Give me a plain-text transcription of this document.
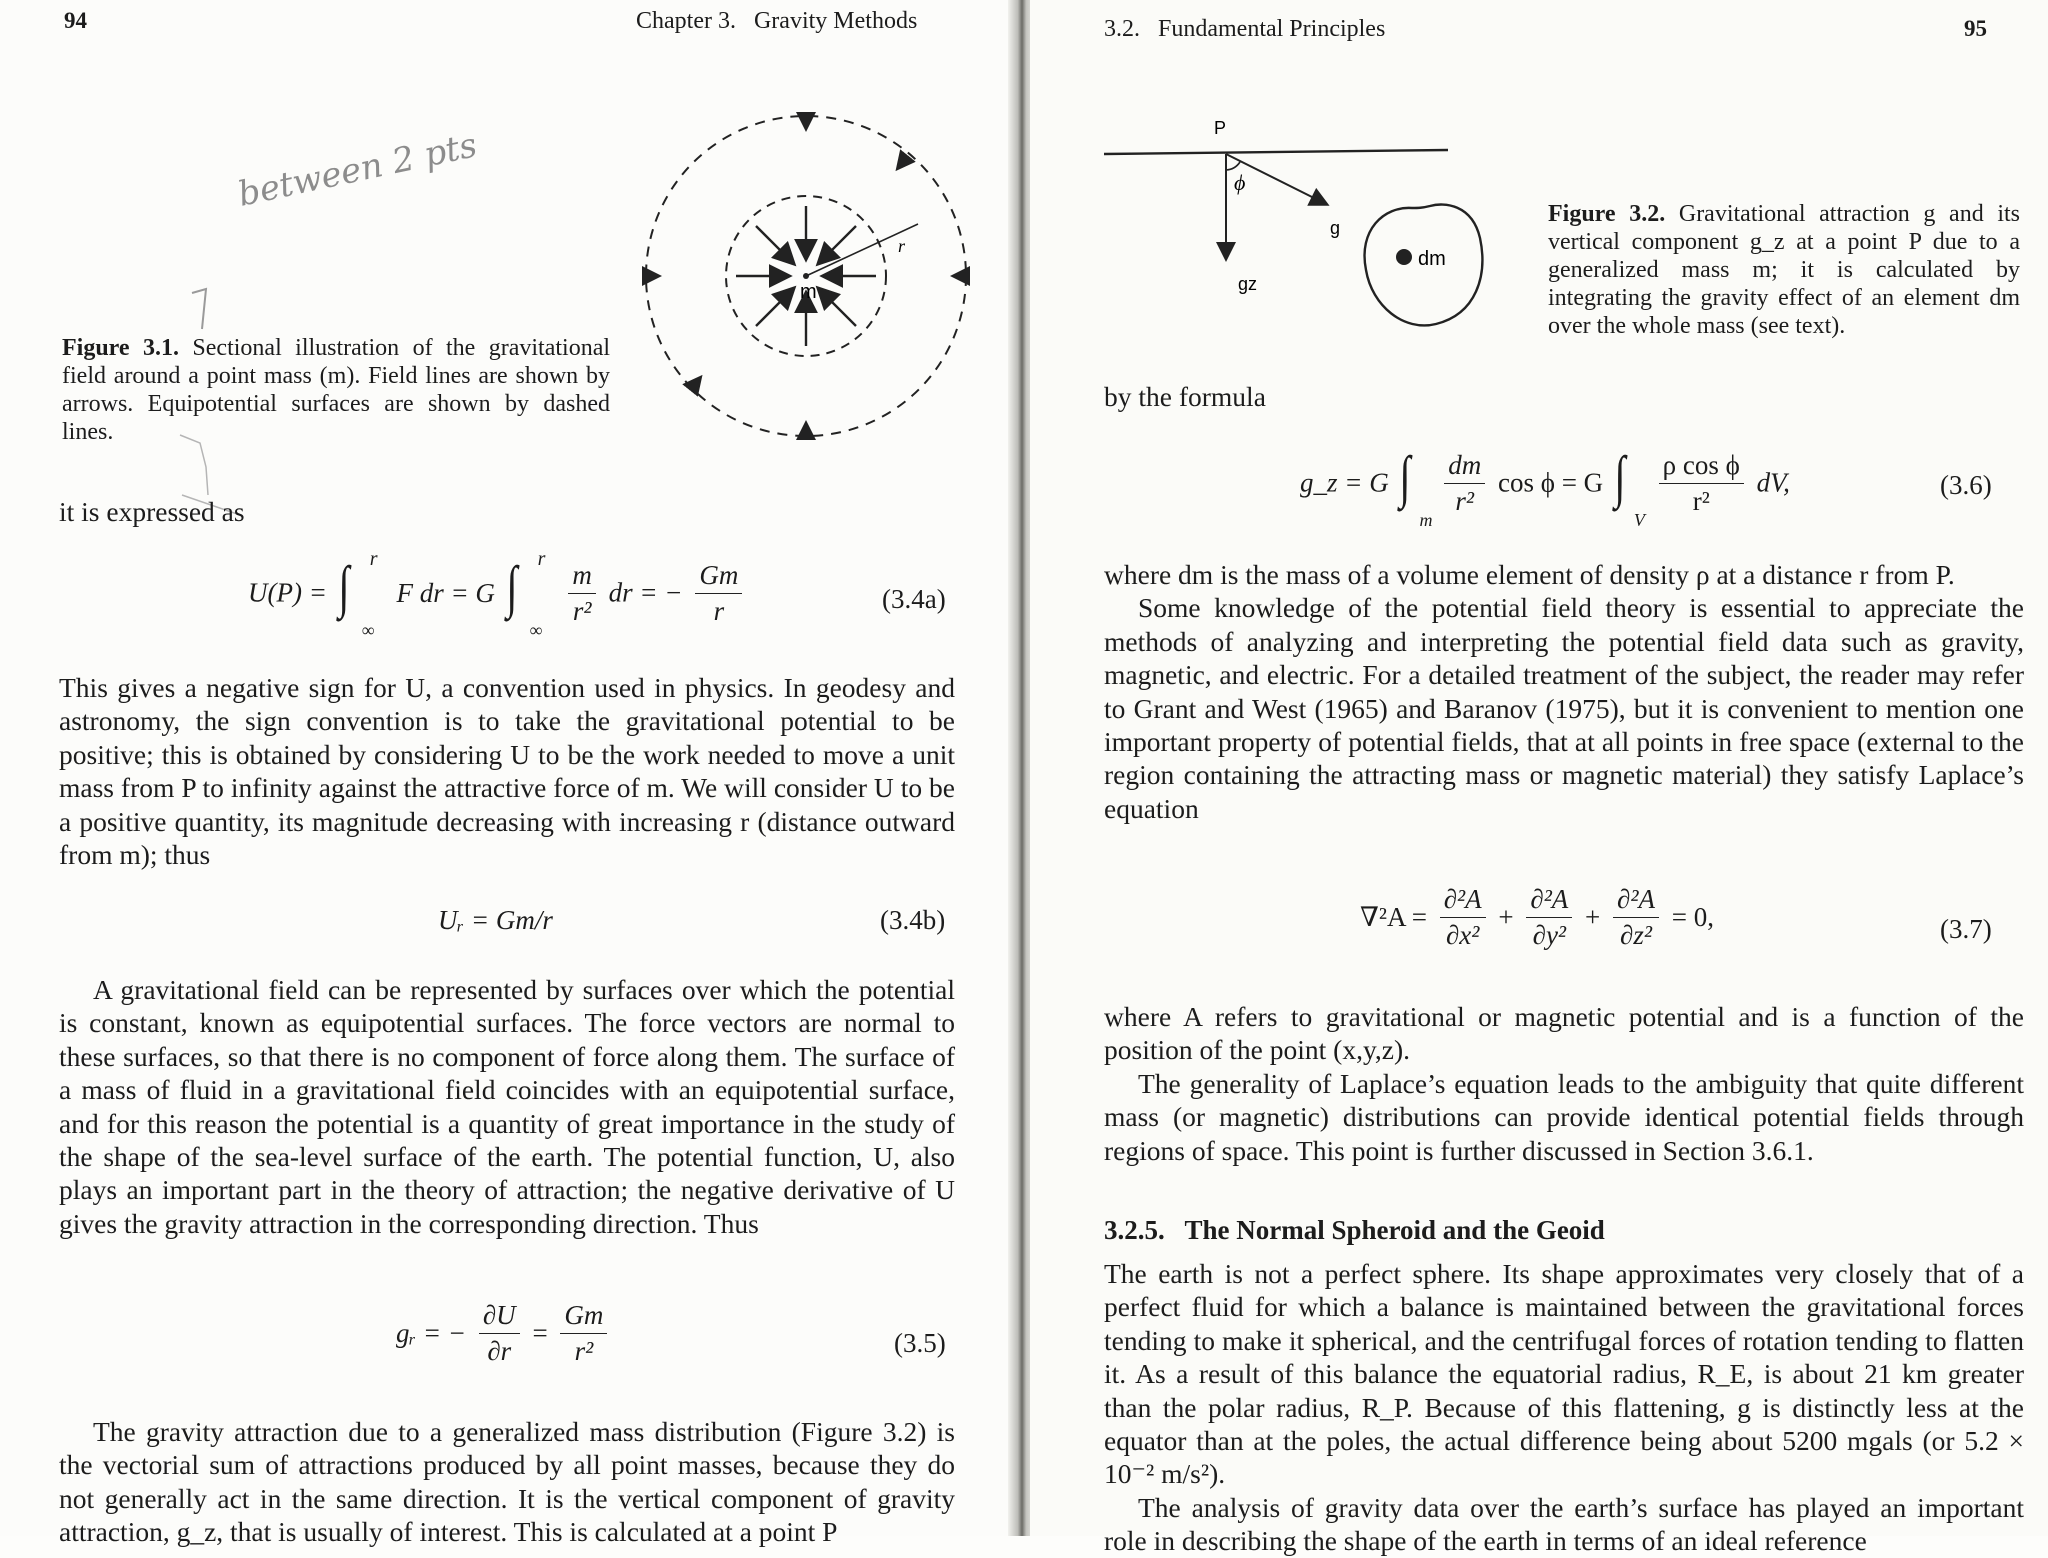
94	Chapter 3.   Gravity Methods
between 2 pts
m
r
Figure 3.1. Sectional illustration of the gravitational field around a point mass (m). Field lines are shown by arrows. Equipotential surfaces are shown by dashed lines.
it is expressed as
U(P) = ∫ r
∞
F dr = G ∫ r
∞

$\frac{m}{\text{r²}}$ dr = − $\frac{Gm}{r}$	(3.4a)

This gives a negative sign for U, a convention used in physics. In geodesy and astronomy, the sign convention is to take the gravitational potential to be positive; this is obtained by considering U to be the work needed to move a unit mass from P to infinity against the attractive force of m. We will consider U to be a positive quantity, its magnitude decreasing with increasing r (distance outward from m); thus

Uᵣ = Gm/r	(3.4b)

A gravitational field can be represented by surfaces over which the potential is constant, known as equipotential surfaces. The force vectors are normal to these surfaces, so that there is no component of force along them. The surface of a mass of fluid in a gravitational field coincides with an equipotential surface, and for this reason the potential is a quantity of great importance in the study of the shape of the sea-level surface of the earth. The potential function, U, also plays an important part in the theory of attraction; the negative derivative of U gives the gravity attraction in the corresponding direction. Thus

gᵣ = − $\frac{\partial U}{\partial r} = \frac{Gm}{\text{r²}}$	(3.5)

The gravity attraction due to a generalized mass distribution (Figure 3.2) is the vectorial sum of attractions produced by all point masses, because they do not generally act in the same direction. It is the vertical component of gravity attraction, g_z, that is usually of interest. This is calculated at a point P

3.2.   Fundamental Principles	95
P
ϕ
g
gz
dm
Figure 3.2. Gravitational attraction g and its vertical component g_z at a point P due to a generalized mass m; it is calculated by integrating the gravity effect of an element dm over the whole mass (see text).
by the formula
g_z = G ∫
m

$\frac{dm}{\text{r²}}$ cos ϕ = G ∫
V

$\frac{\text{ρ cos ϕ}}{\text{r²}}$ dV,	(3.6)

where dm is the mass of a volume element of density ρ at a distance r from P.

Some knowledge of the potential field theory is essential to appreciate the methods of analyzing and interpreting the potential field data such as gravity, magnetic, and electric. For a detailed treatment of the subject, the reader may refer to Grant and West (1965) and Baranov (1975), but it is convenient to mention one important property of potential fields, that at all points in free space (external to the region containing the attracting mass or magnetic material) they satisfy Laplace’s equation

$\nabla^2A = \frac{\text{∂²A}}{\text{∂x²}} + \frac{\text{∂²A}}{\text{∂y²}} + \frac{\text{∂²A}}{\text{∂z²}} = 0$,	(3.7)

where A refers to gravitational or magnetic potential and is a function of the position of the point (x,y,z).

The generality of Laplace’s equation leads to the ambiguity that quite different mass (or magnetic) distributions can provide identical potential fields through regions of space. This point is further discussed in Section 3.6.1.

3.2.5.   The Normal Spheroid and the Geoid

The earth is not a perfect sphere. Its shape approximates very closely that of a perfect fluid for which a balance is maintained between the gravitational forces tending to make it spherical, and the centrifugal forces of rotation tending to flatten it. As a result of this balance the equatorial radius, R_E, is about 21 km greater than the polar radius, R_P. Because of this flattening, g is distinctly less at the equator than at the poles, the actual difference being about 5200 mgals (or 5.2 × 10⁻² m/s²).

The analysis of gravity data over the earth’s surface has played an important role in describing the shape of the earth in terms of an ideal reference
